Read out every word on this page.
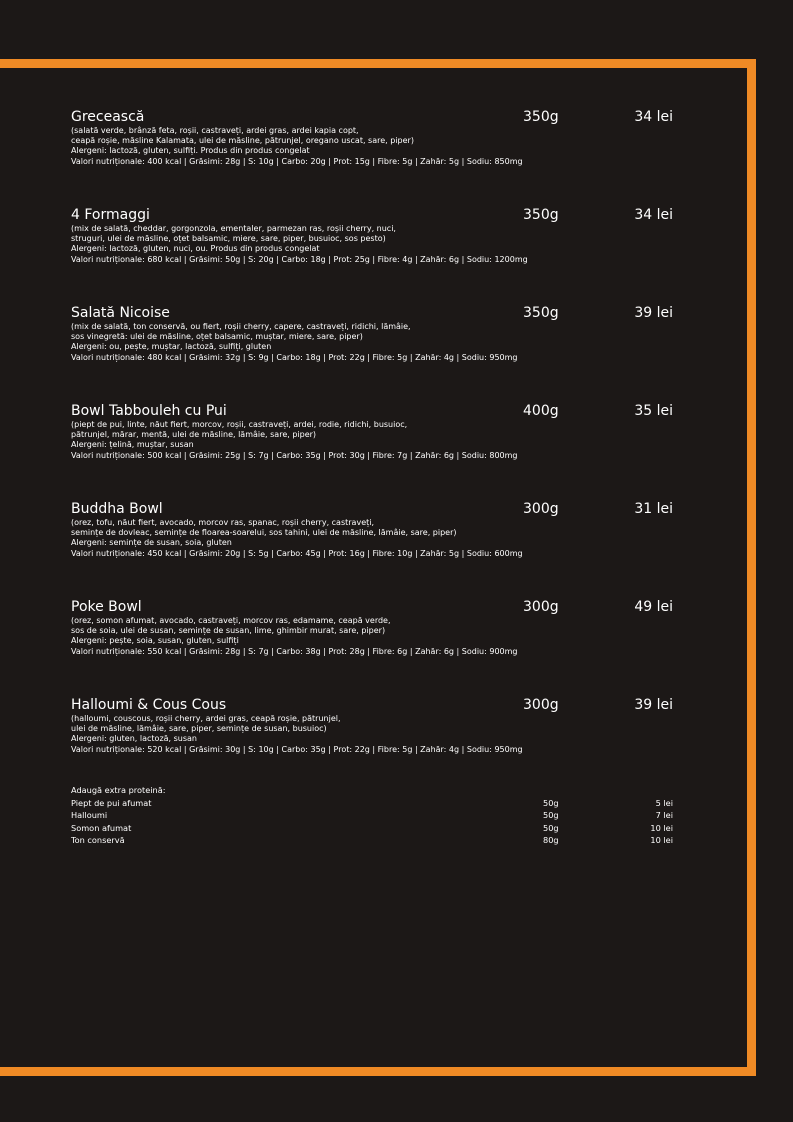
Grecească	350g	34 lei
(salată verde, brânză feta, roșii, castraveți, ardei gras, ardei kapia copt,
ceapă roșie, măsline Kalamata, ulei de măsline, pătrunjel, oregano uscat, sare, piper)
Alergeni: lactoză, gluten, sulfiți. Produs din produs congelat
Valori nutriționale: 400 kcal | Grăsimi: 28g | S: 10g | Carbo: 20g | Prot: 15g | Fibre: 5g | Zahăr: 5g | Sodiu: 850mg
4 Formaggi	350g	34 lei
(mix de salată, cheddar, gorgonzola, ementaler, parmezan ras, roșii cherry, nuci,
struguri, ulei de măsline, oțet balsamic, miere, sare, piper, busuioc, sos pesto)
Alergeni: lactoză, gluten, nuci, ou. Produs din produs congelat
Valori nutriționale: 680 kcal | Grăsimi: 50g | S: 20g | Carbo: 18g | Prot: 25g | Fibre: 4g | Zahăr: 6g | Sodiu: 1200mg
Salată Nicoise	350g	39 lei
(mix de salată, ton conservă, ou fiert, roșii cherry, capere, castraveți, ridichi, lămâie,
sos vinegretă: ulei de măsline, oțet balsamic, muștar, miere, sare, piper)
Alergeni: ou, pește, muștar, lactoză, sulfiți, gluten
Valori nutriționale: 480 kcal | Grăsimi: 32g | S: 9g | Carbo: 18g | Prot: 22g | Fibre: 5g | Zahăr: 4g | Sodiu: 950mg
Bowl Tabbouleh cu Pui	400g	35 lei
(piept de pui, linte, năut fiert, morcov, roșii, castraveți, ardei, rodie, ridichi, busuioc,
pătrunjel, mărar, mentă, ulei de măsline, lămâie, sare, piper)
Alergeni: țelină, muștar, susan
Valori nutriționale: 500 kcal | Grăsimi: 25g | S: 7g | Carbo: 35g | Prot: 30g | Fibre: 7g | Zahăr: 6g | Sodiu: 800mg
Buddha Bowl	300g	31 lei
(orez, tofu, năut fiert, avocado, morcov ras, spanac, roșii cherry, castraveți,
semințe de dovleac, semințe de floarea-soarelui, sos tahini, ulei de măsline, lămâie, sare, piper)
Alergeni: semințe de susan, soia, gluten
Valori nutriționale: 450 kcal | Grăsimi: 20g | S: 5g | Carbo: 45g | Prot: 16g | Fibre: 10g | Zahăr: 5g | Sodiu: 600mg
Poke Bowl	300g	49 lei
(orez, somon afumat, avocado, castraveți, morcov ras, edamame, ceapă verde,
sos de soia, ulei de susan, semințe de susan, lime, ghimbir murat, sare, piper)
Alergeni: pește, soia, susan, gluten, sulfiți
Valori nutriționale: 550 kcal | Grăsimi: 28g | S: 7g | Carbo: 38g | Prot: 28g | Fibre: 6g | Zahăr: 6g | Sodiu: 900mg
Halloumi & Cous Cous	300g	39 lei
(halloumi, couscous, roșii cherry, ardei gras, ceapă roșie, pătrunjel,
ulei de măsline, lămâie, sare, piper, semințe de susan, busuioc)
Alergeni: gluten, lactoză, susan
Valori nutriționale: 520 kcal | Grăsimi: 30g | S: 10g | Carbo: 35g | Prot: 22g | Fibre: 5g | Zahăr: 4g | Sodiu: 950mg
Adaugă extra proteină:
Piept de pui afumat	50g	5 lei
Halloumi	50g	7 lei
Somon afumat	50g	10 lei
Ton conservă	80g	10 lei
